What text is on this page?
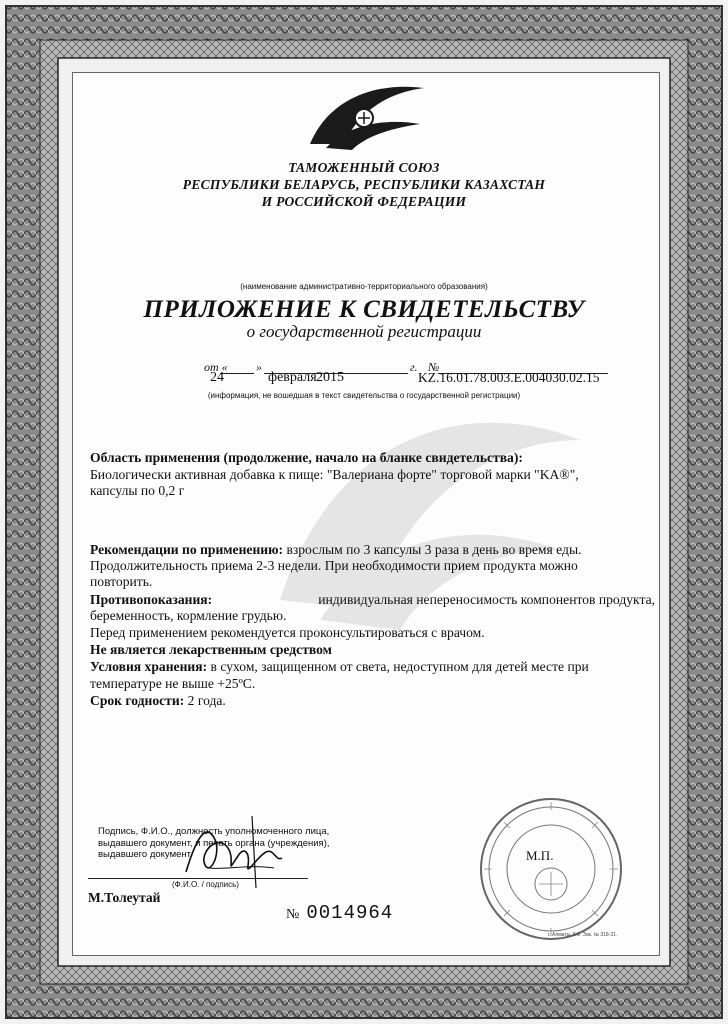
ТАМОЖЕННЫЙ СОЮЗ
РЕСПУБЛИКИ БЕЛАРУСЬ, РЕСПУБЛИКИ КАЗАХСТАН
И РОССИЙСКОЙ ФЕДЕРАЦИИ
(наименование административно-территориального образования)
ПРИЛОЖЕНИЕ К СВИДЕТЕЛЬСТВУ
о государственной регистрации
от « »	г. №
24	февраля 2015	KZ.16.01.78.003.E.004030.02.15
(информация, не вошедшая в текст свидетельства о государственной регистрации)
Область применения (продолжение, начало на бланке свидетельства):
Биологически активная добавка к пище: "Валериана форте" торговой марки "KA®",
капсулы по 0,2 г
Рекомендации по применению: взрослым по 3 капсулы 3 раза в день во время еды.
Продолжительность приема 2-3 недели. При необходимости прием продукта можно
повторить.
Противопоказания:	индивидуальная непереносимость компонентов продукта,
беременность, кормление грудью.
Перед применением рекомендуется проконсультироваться с врачом.
Не является лекарственным средством
Условия хранения: в сухом, защищенном от света, недоступном для детей месте при
температуре не выше +25ºС.
Срок годности: 2 года.
Подпись, Ф.И.О., должность уполномоченного лица,
выдавшего документ, и печать органа (учреждения),
выдавшего документ
(Ф.И.О. / подпись)
М.Толеутай
М.П.
№ 0014964
г. Алматы. БФ. Зак. № 318-31.
